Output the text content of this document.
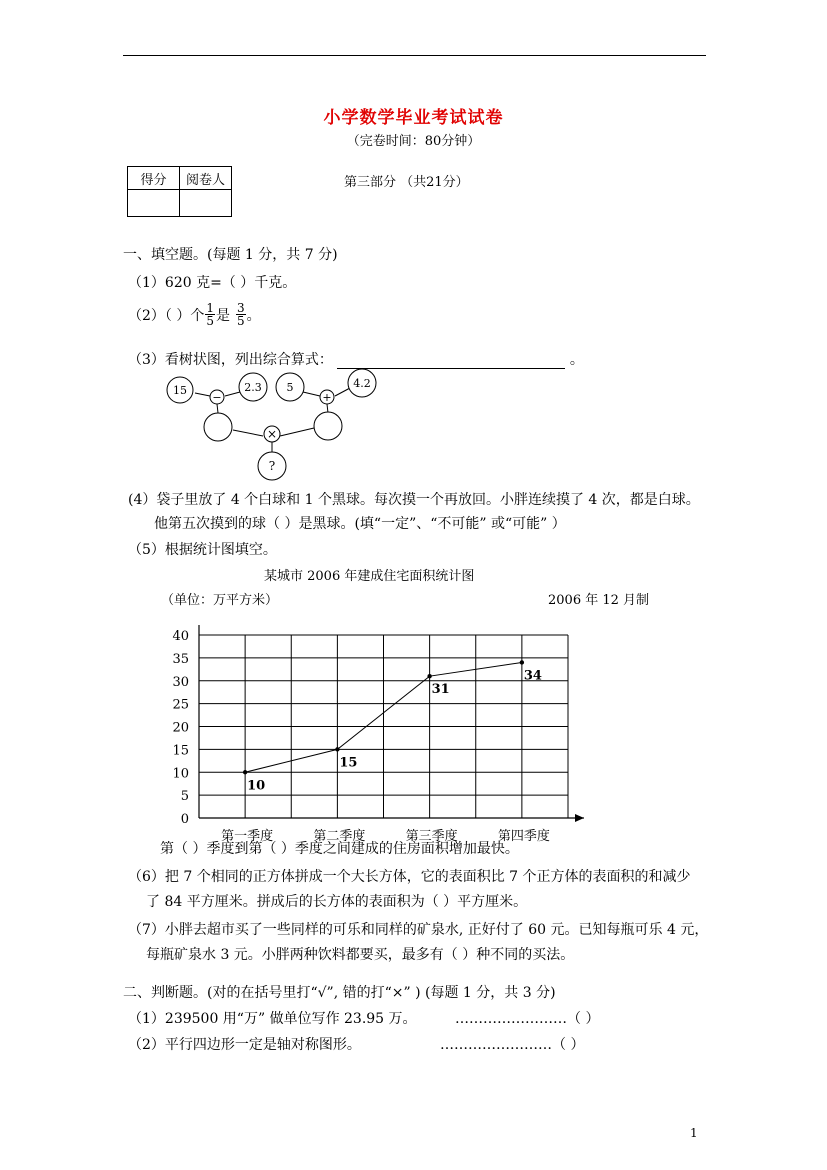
小学数学毕业考试试卷
（完卷时间：80分钟）
得分	阅卷人
		第三部分 （共21分）
一、填空题。(每题 1 分，共 7 分)
（1）620 克=（ ）千克。
（2）（ ）个 $\frac{1}{5}$ 是 $\frac{3}{5}$ 。
（3）看树状图，列出综合算式：	。
15
−
2.3 5
+
4.2
×
?
(4）袋子里放了 4 个白球和 1 个黑球。每次摸一个再放回。小胖连续摸了 4 次，都是白球。
他第五次摸到的球（ ）是黑球。(填“一定”、“不可能” 或“可能” ）
（5）根据统计图填空。
某城市 2006 年建成住宅面积统计图
（单位：万平方米）	2006 年 12 月制
0
5
10
15
20
25
30
35
40
10
15
31
34
第一季度	第二季度	第三季度	第四季度
第（ ）季度到第（ ）季度之间建成的住房面积增加最快。
（6）把 7 个相同的正方体拼成一个大长方体，它的表面积比 7 个正方体的表面积的和减少
了 84 平方厘米。拼成后的长方体的表面积为（ ）平方厘米。
（7）小胖去超市买了一些同样的可乐和同样的矿泉水, 正好付了 60 元。已知每瓶可乐 4 元，
每瓶矿泉水 3 元。小胖两种饮料都要买，最多有（ ）种不同的买法。
二、判断题。(对的在括号里打“√”, 错的打“×” ) (每题 1 分，共 3 分)
（1）239500 用“万” 做单位写作 23.95 万。	……………………（ ）
（2）平行四边形一定是轴对称图形。	……………………（ ）
1
